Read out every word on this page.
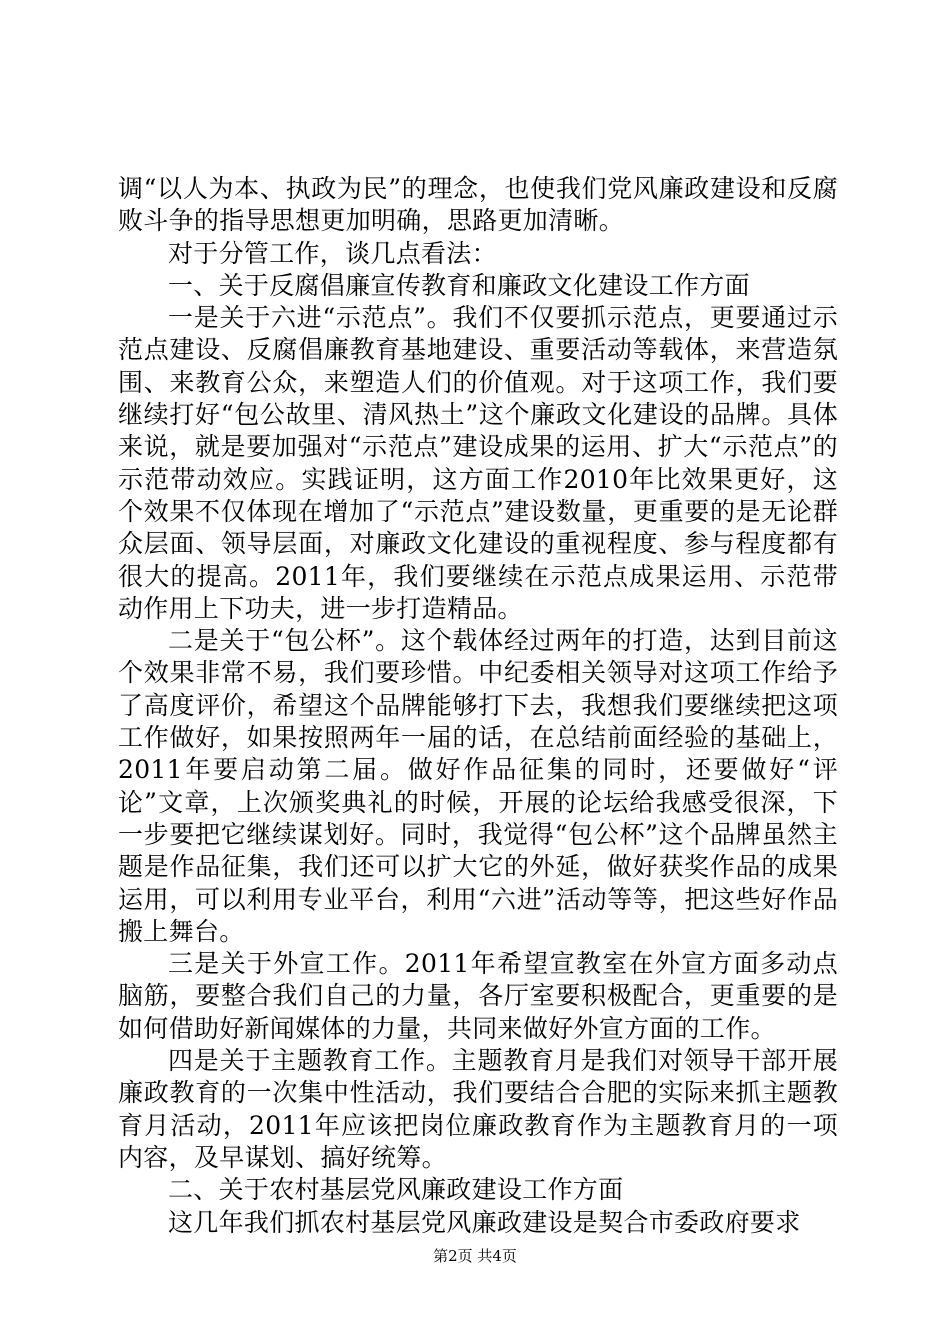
调“以人为本、执政为民”的理念，也使我们党风廉政建设和反腐败斗争的指导思想更加明确，思路更加清晰。

对于分管工作，谈几点看法：

一、关于反腐倡廉宣传教育和廉政文化建设工作方面

一是关于六进“示范点”。我们不仅要抓示范点，更要通过示范点建设、反腐倡廉教育基地建设、重要活动等载体，来营造氛围、来教育公众，来塑造人们的价值观。对于这项工作，我们要继续打好“包公故里、清风热土”这个廉政文化建设的品牌。具体来说，就是要加强对“示范点”建设成果的运用、扩大“示范点”的示范带动效应。实践证明，这方面工作2010年比效果更好，这个效果不仅体现在增加了“示范点”建设数量，更重要的是无论群众层面、领导层面，对廉政文化建设的重视程度、参与程度都有很大的提高。2011年，我们要继续在示范点成果运用、示范带动作用上下功夫，进一步打造精品。

二是关于“包公杯”。这个载体经过两年的打造，达到目前这个效果非常不易，我们要珍惜。中纪委相关领导对这项工作给予了高度评价，希望这个品牌能够打下去，我想我们要继续把这项工作做好，如果按照两年一届的话，在总结前面经验的基础上，2011年要启动第二届。做好作品征集的同时，还要做好“评论”文章，上次颁奖典礼的时候，开展的论坛给我感受很深，下一步要把它继续谋划好。同时，我觉得“包公杯”这个品牌虽然主题是作品征集，我们还可以扩大它的外延，做好获奖作品的成果运用，可以利用专业平台，利用“六进”活动等等，把这些好作品搬上舞台。

三是关于外宣工作。2011年希望宣教室在外宣方面多动点脑筋，要整合我们自己的力量，各厅室要积极配合，更重要的是如何借助好新闻媒体的力量，共同来做好外宣方面的工作。

四是关于主题教育工作。主题教育月是我们对领导干部开展廉政教育的一次集中性活动，我们要结合合肥的实际来抓主题教育月活动，2011年应该把岗位廉政教育作为主题教育月的一项内容，及早谋划、搞好统筹。

二、关于农村基层党风廉政建设工作方面

这几年我们抓农村基层党风廉政建设是契合市委政府要求

第2页 共4页
